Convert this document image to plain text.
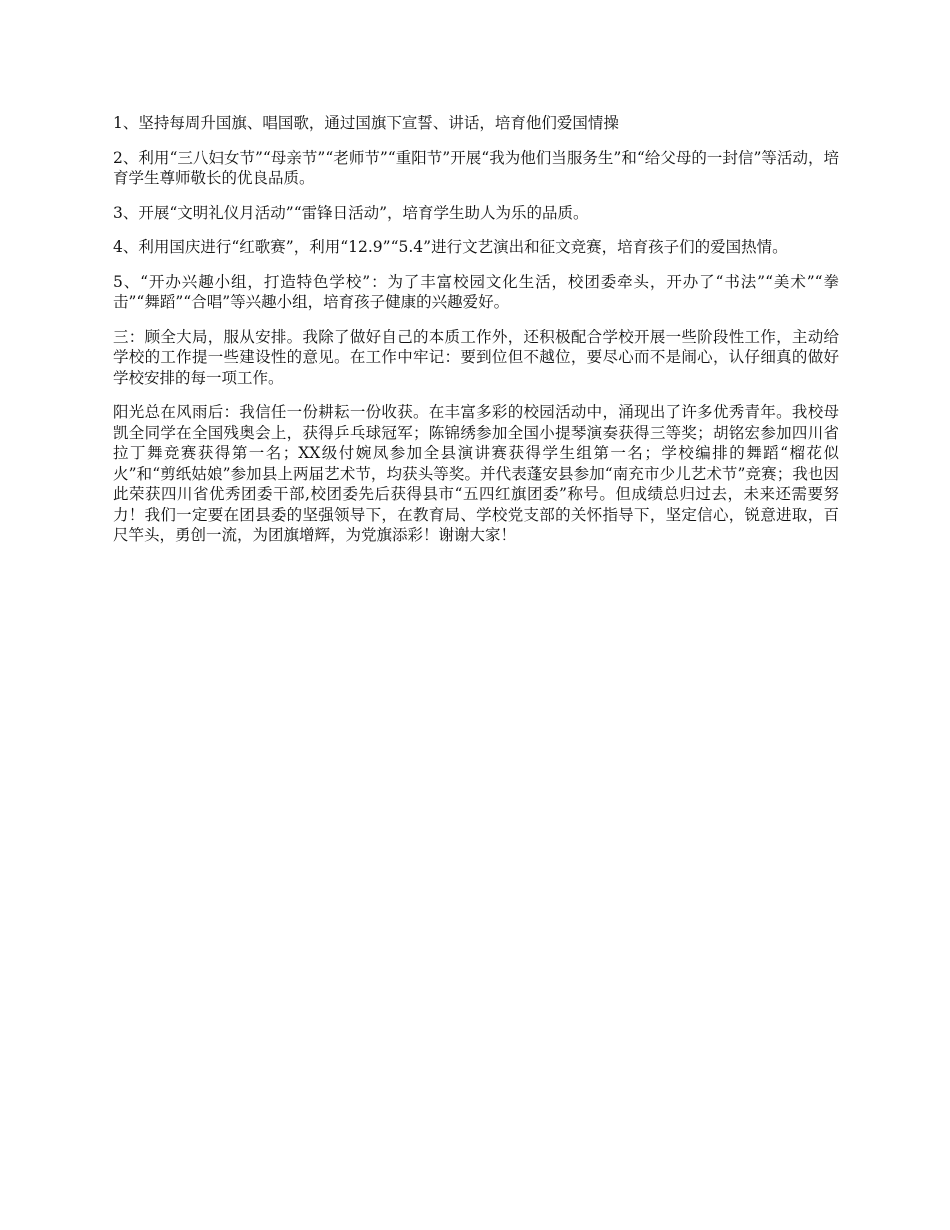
1、坚持每周升国旗、唱国歌，通过国旗下宣誓、讲话，培育他们爱国情操

2、利用“三八妇女节”“母亲节”“老师节”“重阳节”开展“我为他们当服务生”和“给父母的一封信”等活动，培育学生尊师敬长的优良品质。

3、开展“文明礼仪月活动”“雷锋日活动”，培育学生助人为乐的品质。

4、利用国庆进行“红歌赛”，利用“12.9”“5.4”进行文艺演出和征文竞赛，培育孩子们的爱国热情。

5、“开办兴趣小组，打造特色学校”：为了丰富校园文化生活，校团委牵头，开办了“书法”“美术”“拳击”“舞蹈”“合唱”等兴趣小组，培育孩子健康的兴趣爱好。

三：顾全大局，服从安排。我除了做好自己的本质工作外，还积极配合学校开展一些阶段性工作，主动给学校的工作提一些建设性的意见。在工作中牢记：要到位但不越位，要尽心而不是闹心，认仔细真的做好学校安排的每一项工作。

阳光总在风雨后：我信任一份耕耘一份收获。在丰富多彩的校园活动中，涌现出了许多优秀青年。我校母凯全同学在全国残奥会上，获得乒乓球冠军；陈锦绣参加全国小提琴演奏获得三等奖；胡铭宏参加四川省拉丁舞竞赛获得第一名；XX级付婉凤参加全县演讲赛获得学生组第一名；学校编排的舞蹈“榴花似火”和“剪纸姑娘”参加县上两届艺术节，均获头等奖。并代表蓬安县参加“南充市少儿艺术节”竞赛；我也因此荣获四川省优秀团委干部,校团委先后获得县市“五四红旗团委”称号。但成绩总归过去，未来还需要努力！我们一定要在团县委的坚强领导下，在教育局、学校党支部的关怀指导下，坚定信心，锐意进取，百尺竿头，勇创一流，为团旗增辉，为党旗添彩！谢谢大家！
